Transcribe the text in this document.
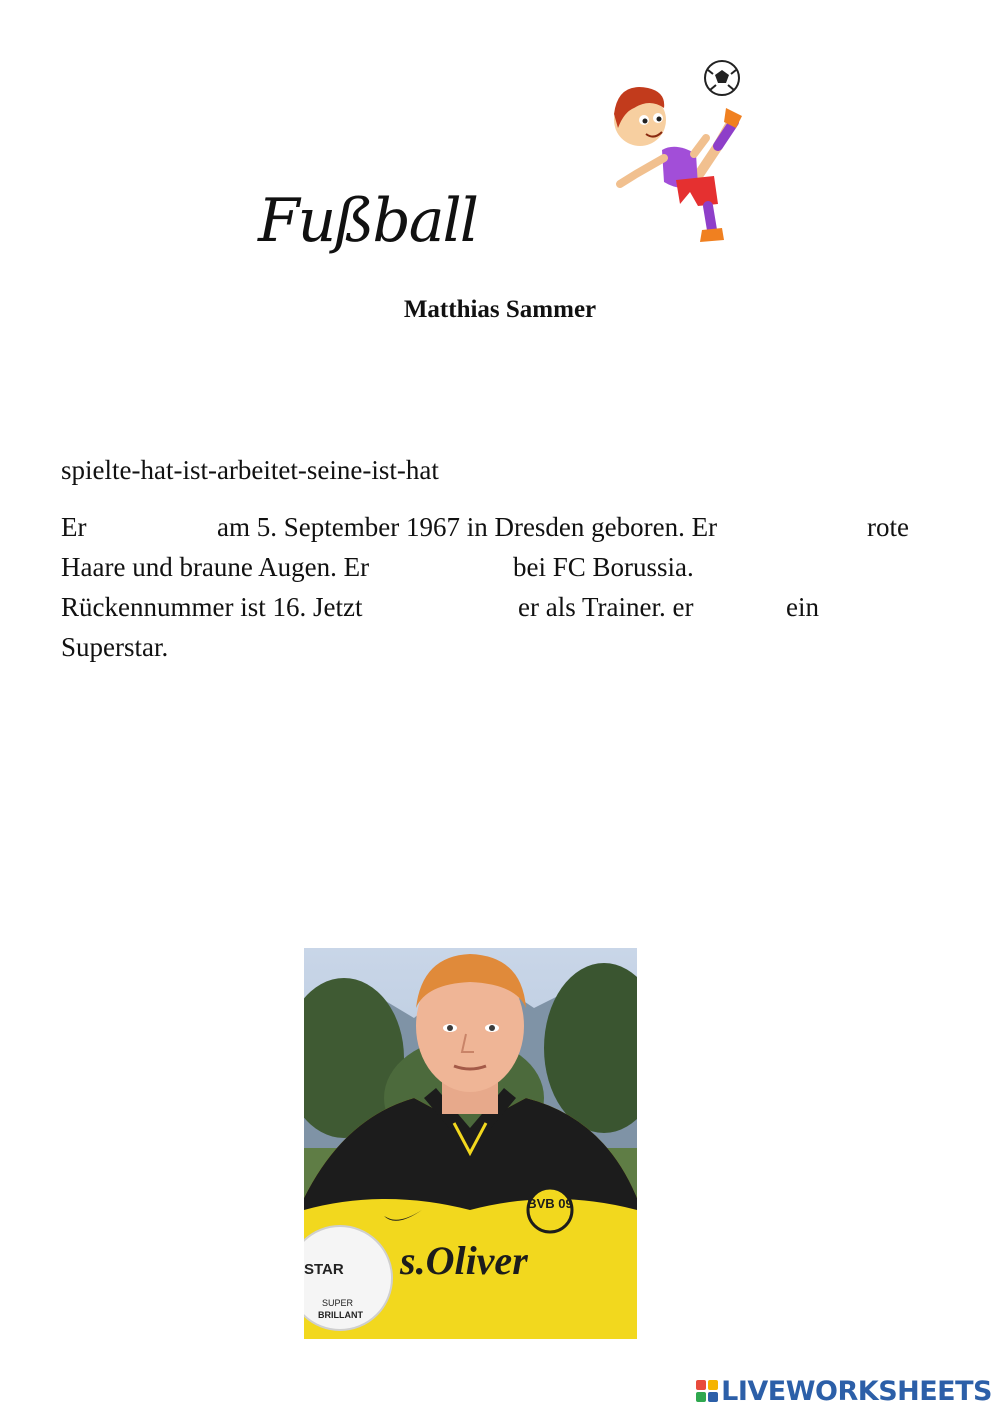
Fußball
Matthias Sammer
spielte-hat-ist-arbeitet-seine-ist-hat
Er	am 5. September 1967 in Dresden geboren. Er	rote
Haare und braune Augen. Er	bei FC Borussia.
Rückennummer ist 16. Jetzt	er als Trainer. er	ein
Superstar.
BVB 09
s.Oliver
STAR
SUPER
BRILLANT
LIVEWORKSHEETS
